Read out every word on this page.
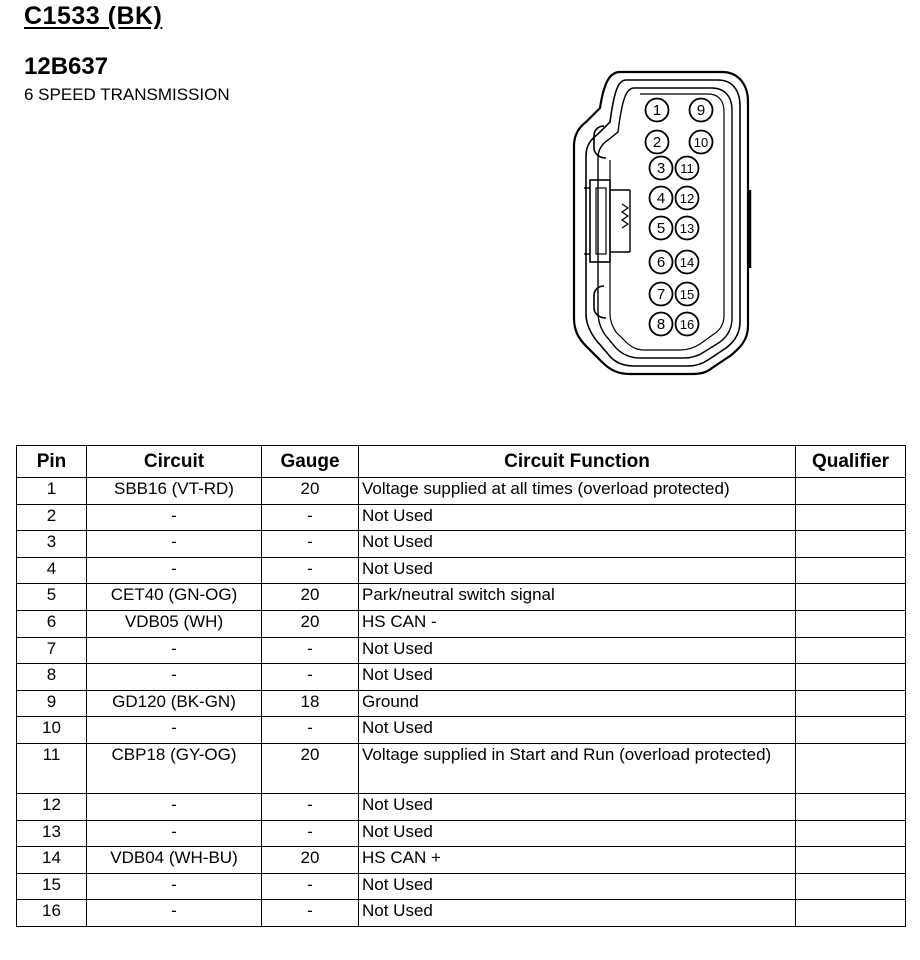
C1533 (BK)
12B637
6 SPEED TRANSMISSION
1
2
3
4
5
6
7
8
9
10
11
12
13
14
15
16
Pin	Circuit	Gauge	Circuit Function	Qualifier
1	SBB16 (VT-RD)	20	Voltage supplied at all times (overload protected)	
2	-	-	Not Used	
3	-	-	Not Used	
4	-	-	Not Used	
5	CET40 (GN-OG)	20	Park/neutral switch signal	
6	VDB05 (WH)	20	HS CAN -	
7	-	-	Not Used	
8	-	-	Not Used	
9	GD120 (BK-GN)	18	Ground	
10	-	-	Not Used	
11	CBP18 (GY-OG)	20	Voltage supplied in Start and Run (overload protected)	
12	-	-	Not Used	
13	-	-	Not Used	
14	VDB04 (WH-BU)	20	HS CAN +	
15	-	-	Not Used	
16	-	-	Not Used	
